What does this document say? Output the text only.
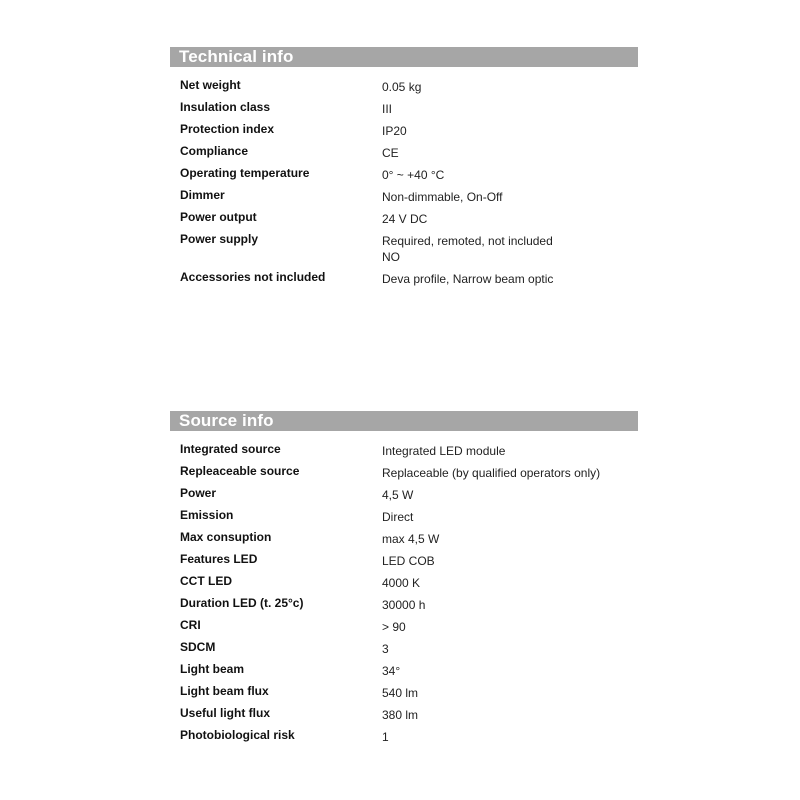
Technical info
Net weight	0.05 kg
Insulation class	III
Protection index	IP20
Compliance	CE
Operating temperature	0° ~ +40 °C
Dimmer	Non-dimmable, On-Off
Power output	24 V DC
Power supply	Required, remoted, not included
NO
Accessories not included	Deva profile, Narrow beam optic
Source info
Integrated source	Integrated LED module
Repleaceable source	Replaceable (by qualified operators only)
Power	4,5 W
Emission	Direct
Max consuption	max 4,5 W
Features LED	LED COB
CCT LED	4000 K
Duration LED (t. 25°c)	30000 h
CRI	> 90
SDCM	3
Light beam	34°
Light beam flux	540 lm
Useful light flux	380 lm
Photobiological risk	1
